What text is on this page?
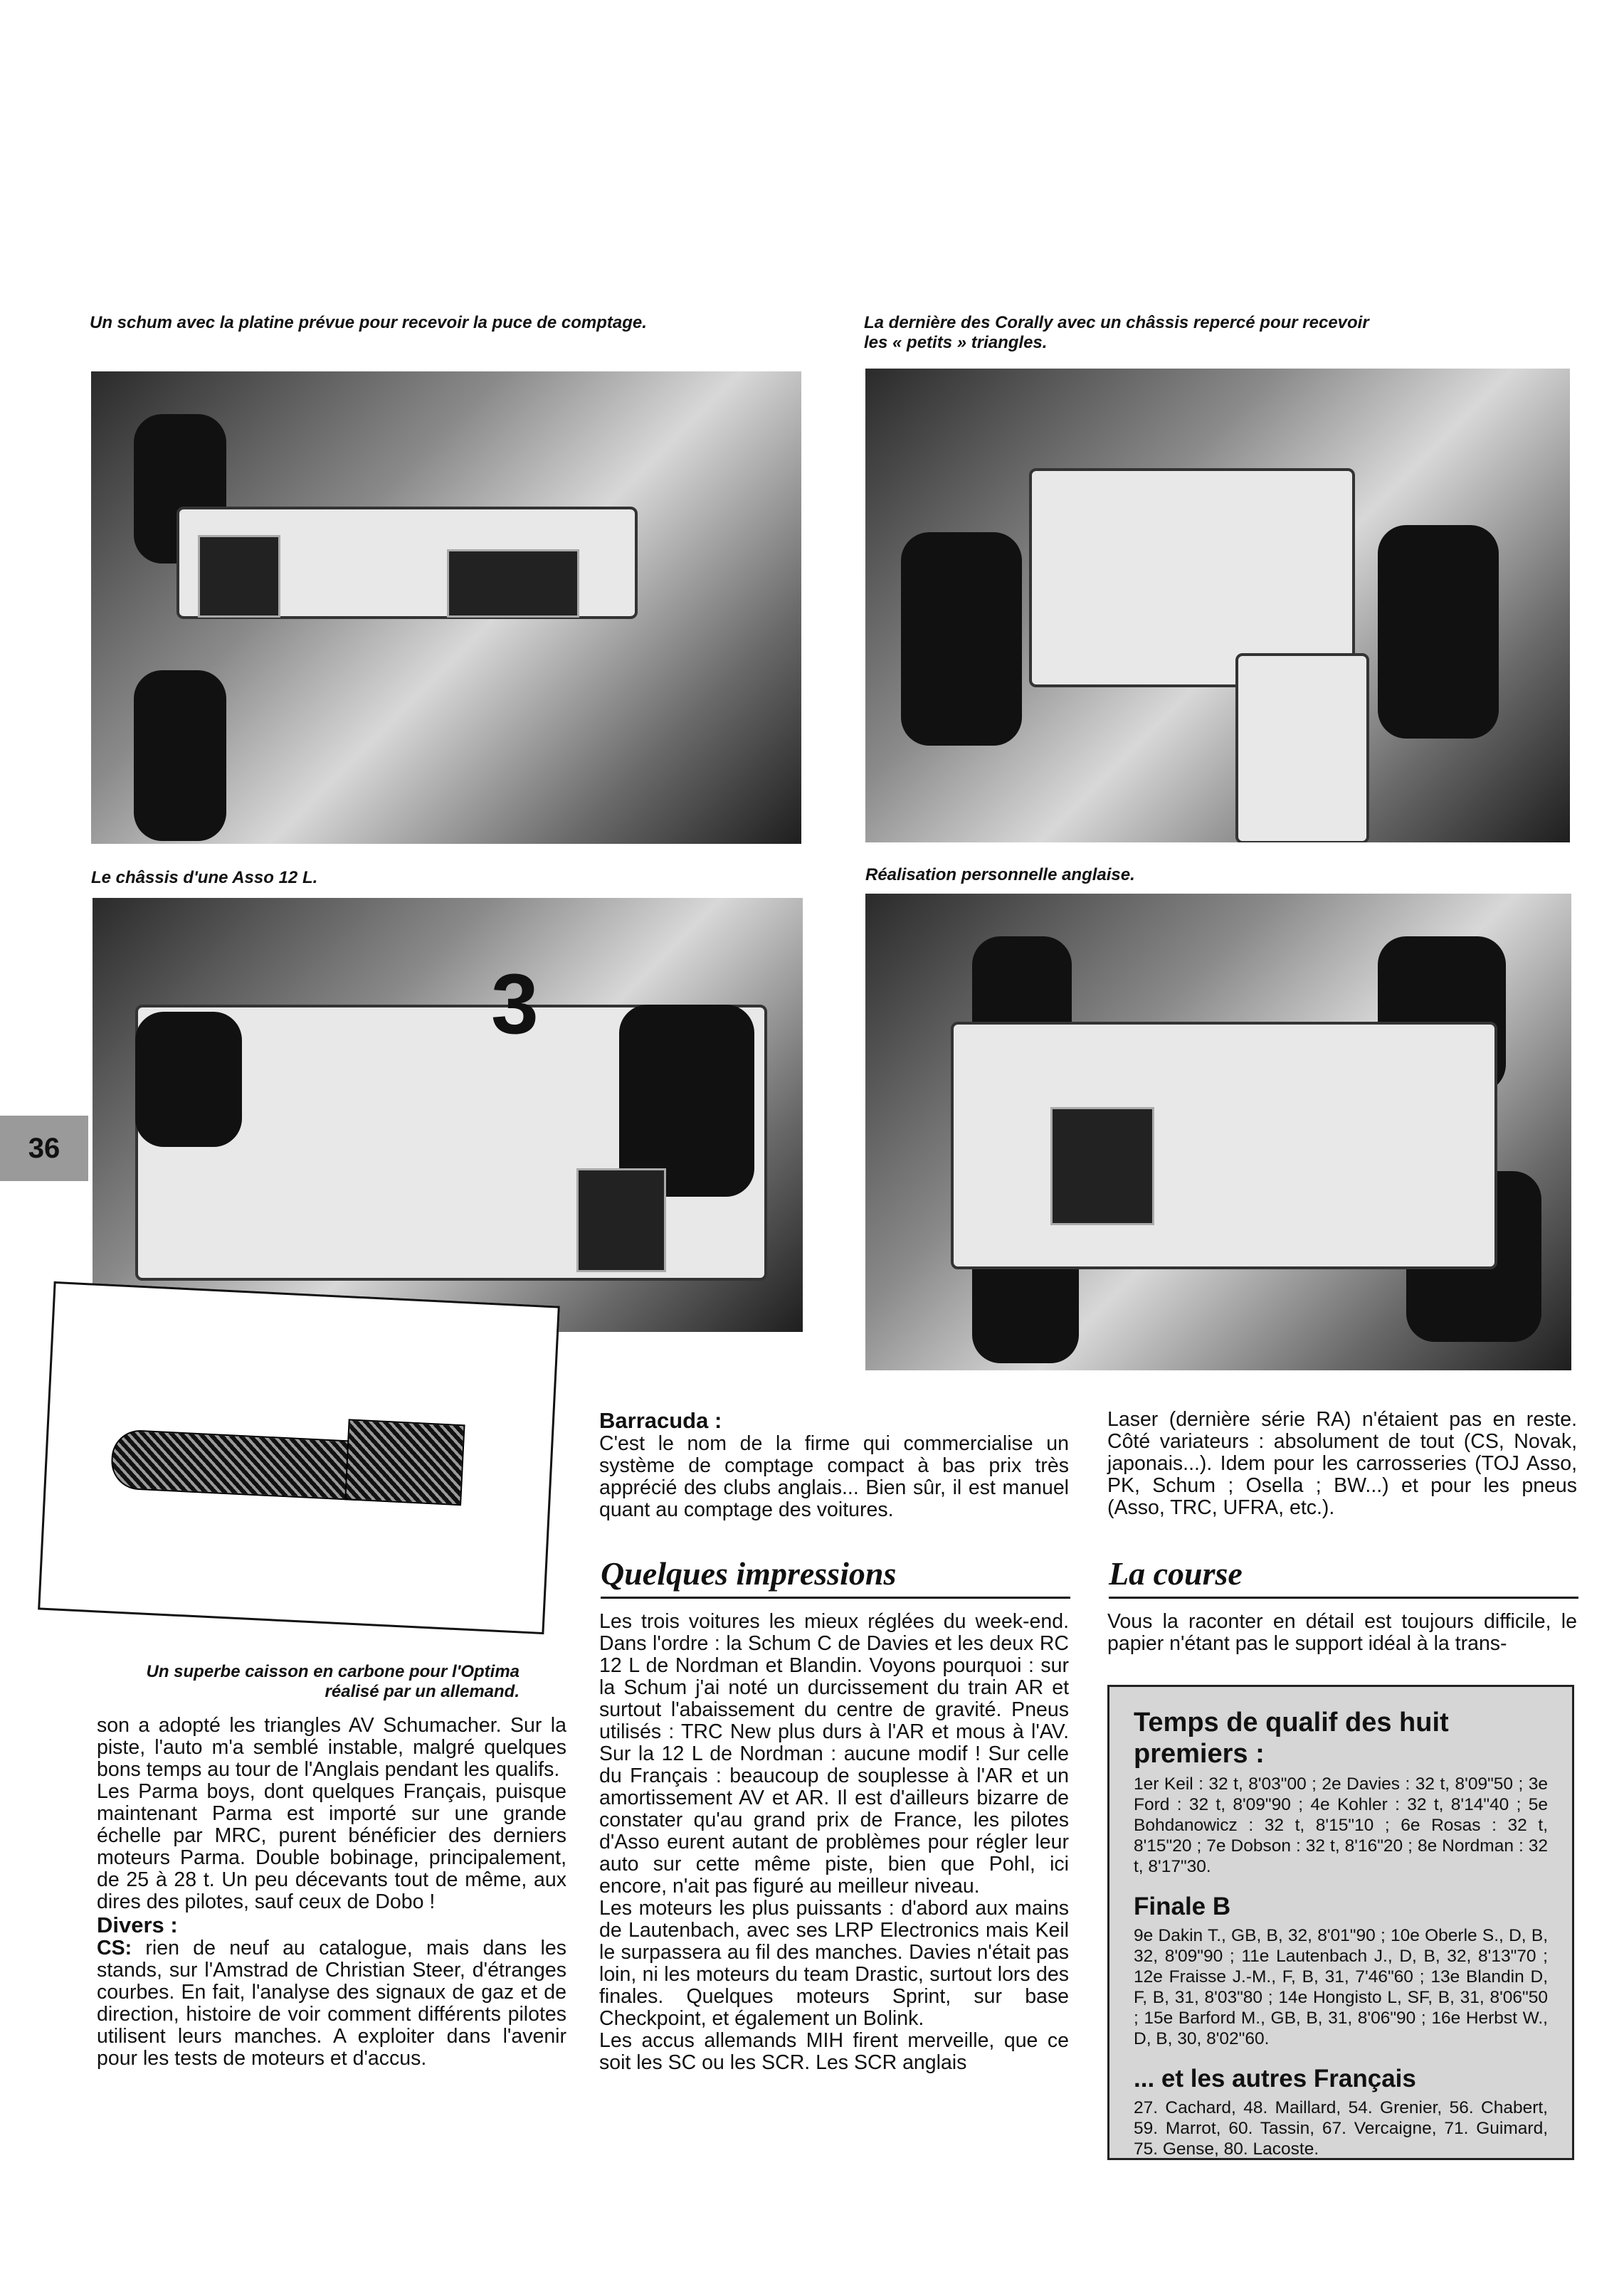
Un schum avec la platine prévue pour recevoir la puce de comptage.	La dernière des Corally avec un châssis repercé pour recevoir
les « petits » triangles.
Le châssis d'une Asso 12 L.	Réalisation personnelle anglaise.
3
36
Un superbe caisson en carbone pour l'Optima
réalisé par un allemand.

son a adopté les triangles AV Schumacher. Sur la piste, l'auto m'a semblé instable, malgré quelques bons temps au tour de l'Anglais pendant les qualifs.

Les Parma boys, dont quelques Français, puisque maintenant Parma est importé sur une grande échelle par MRC, purent bénéficier des derniers moteurs Parma. Double bobinage, principalement, de 25 à 28 t. Un peu décevants tout de même, aux dires des pilotes, sauf ceux de Dobo !

Divers :

CS: rien de neuf au catalogue, mais dans les stands, sur l'Amstrad de Christian Steer, d'étranges courbes. En fait, l'analyse des signaux de gaz et de direction, histoire de voir comment différents pilotes utilisent leurs manches. A exploiter dans l'avenir pour les tests de moteurs et d'accus.

Barracuda :

C'est le nom de la firme qui commercialise un système de comptage compact à bas prix très apprécié des clubs anglais... Bien sûr, il est manuel quant au comptage des voitures.

Quelques impressions

Les trois voitures les mieux réglées du week-end. Dans l'ordre : la Schum C de Davies et les deux RC 12 L de Nordman et Blandin. Voyons pourquoi : sur la Schum j'ai noté un durcissement du train AR et surtout l'abaissement du centre de gravité. Pneus utilisés : TRC New plus durs à l'AR et mous à l'AV. Sur la 12 L de Nordman : aucune modif ! Sur celle du Français : beaucoup de souplesse à l'AR et un amortissement AV et AR. Il est d'ailleurs bizarre de constater qu'au grand prix de France, les pilotes d'Asso eurent autant de problèmes pour régler leur auto sur cette même piste, bien que Pohl, ici encore, n'ait pas figuré au meilleur niveau.

Les moteurs les plus puissants : d'abord aux mains de Lautenbach, avec ses LRP Electronics mais Keil le surpassera au fil des manches. Davies n'était pas loin, ni les moteurs du team Drastic, surtout lors des finales. Quelques moteurs Sprint, sur base Checkpoint, et également un Bolink.

Les accus allemands MIH firent merveille, que ce soit les SC ou les SCR. Les SCR anglais

Laser (dernière série RA) n'étaient pas en reste. Côté variateurs : absolument de tout (CS, Novak, japonais...). Idem pour les carrosseries (TOJ Asso, PK, Schum ; Osella ; BW...) et pour les pneus (Asso, TRC, UFRA, etc.).

La course

Vous la raconter en détail est toujours difficile, le papier n'étant pas le support idéal à la trans-

Temps de qualif des huit premiers :

1er Keil : 32 t, 8'03"00 ; 2e Davies : 32 t, 8'09"50 ; 3e Ford : 32 t, 8'09"90 ; 4e Kohler : 32 t, 8'14"40 ; 5e Bohdanowicz : 32 t, 8'15"10 ; 6e Rosas : 32 t, 8'15"20 ; 7e Dobson : 32 t, 8'16"20 ; 8e Nordman : 32 t, 8'17"30.

Finale B

9e Dakin T., GB, B, 32, 8'01"90 ; 10e Oberle S., D, B, 32, 8'09"90 ; 11e Lautenbach J., D, B, 32, 8'13"70 ; 12e Fraisse J.-M., F, B, 31, 7'46"60 ; 13e Blandin D, F, B, 31, 8'03"80 ; 14e Hongisto L, SF, B, 31, 8'06"50 ; 15e Barford M., GB, B, 31, 8'06"90 ; 16e Herbst W., D, B, 30, 8'02"60.

... et les autres Français

27. Cachard, 48. Maillard, 54. Grenier, 56. Chabert, 59. Marrot, 60. Tassin, 67. Vercaigne, 71. Guimard, 75. Gense, 80. Lacoste.
